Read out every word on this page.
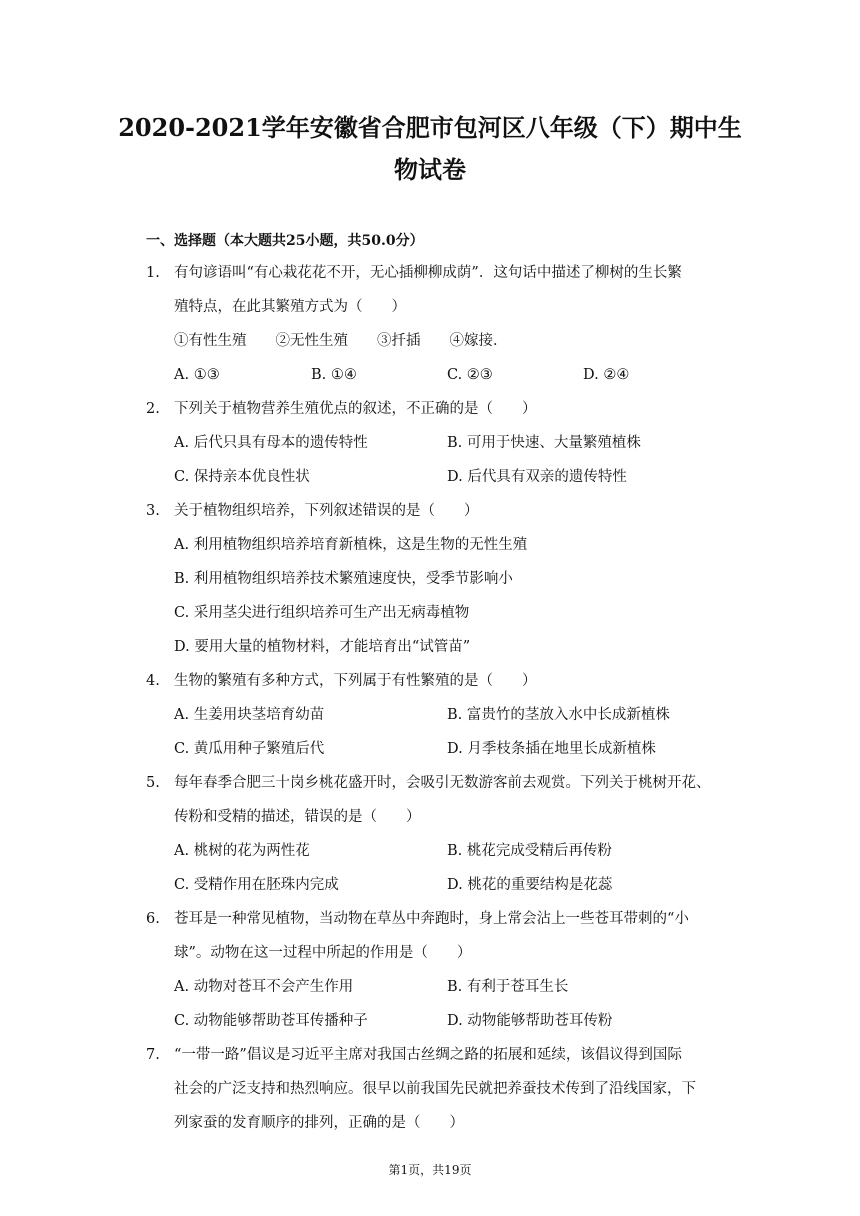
2020-2021学年安徽省合肥市包河区八年级（下）期中生
物试卷
一、选择题（本大题共25小题，共50.0分）
1. 有句谚语叫“有心栽花花不开，无心插柳柳成荫”．这句话中描述了柳树的生长繁
殖特点，在此其繁殖方式为（　　）
①有性生殖　　②无性生殖　　③扦插　　④嫁接．
A. ①③	B. ①④	C. ②③	D. ②④
2. 下列关于植物营养生殖优点的叙述，不正确的是（　　）
A. 后代只具有母本的遗传特性	B. 可用于快速、大量繁殖植株
C. 保持亲本优良性状	D. 后代具有双亲的遗传特性
3. 关于植物组织培养，下列叙述错误的是（　　）
A. 利用植物组织培养培育新植株，这是生物的无性生殖
B. 利用植物组织培养技术繁殖速度快，受季节影响小
C. 采用茎尖进行组织培养可生产出无病毒植物
D. 要用大量的植物材料，才能培育出“试管苗”
4. 生物的繁殖有多种方式，下列属于有性繁殖的是（　　）
A. 生姜用块茎培育幼苗	B. 富贵竹的茎放入水中长成新植株
C. 黄瓜用种子繁殖后代	D. 月季枝条插在地里长成新植株
5. 每年春季合肥三十岗乡桃花盛开时，会吸引无数游客前去观赏。下列关于桃树开花、
传粉和受精的描述，错误的是（　　）
A. 桃树的花为两性花	B. 桃花完成受精后再传粉
C. 受精作用在胚珠内完成	D. 桃花的重要结构是花蕊
6. 苍耳是一种常见植物，当动物在草丛中奔跑时，身上常会沾上一些苍耳带刺的“小
球”。动物在这一过程中所起的作用是（　　）
A. 动物对苍耳不会产生作用	B. 有利于苍耳生长
C. 动物能够帮助苍耳传播种子	D. 动物能够帮助苍耳传粉
7. “一带一路”倡议是习近平主席对我国古丝绸之路的拓展和延续，该倡议得到国际
社会的广泛支持和热烈响应。很早以前我国先民就把养蚕技术传到了沿线国家，下
列家蚕的发育顺序的排列，正确的是（　　）
第1页，共19页
